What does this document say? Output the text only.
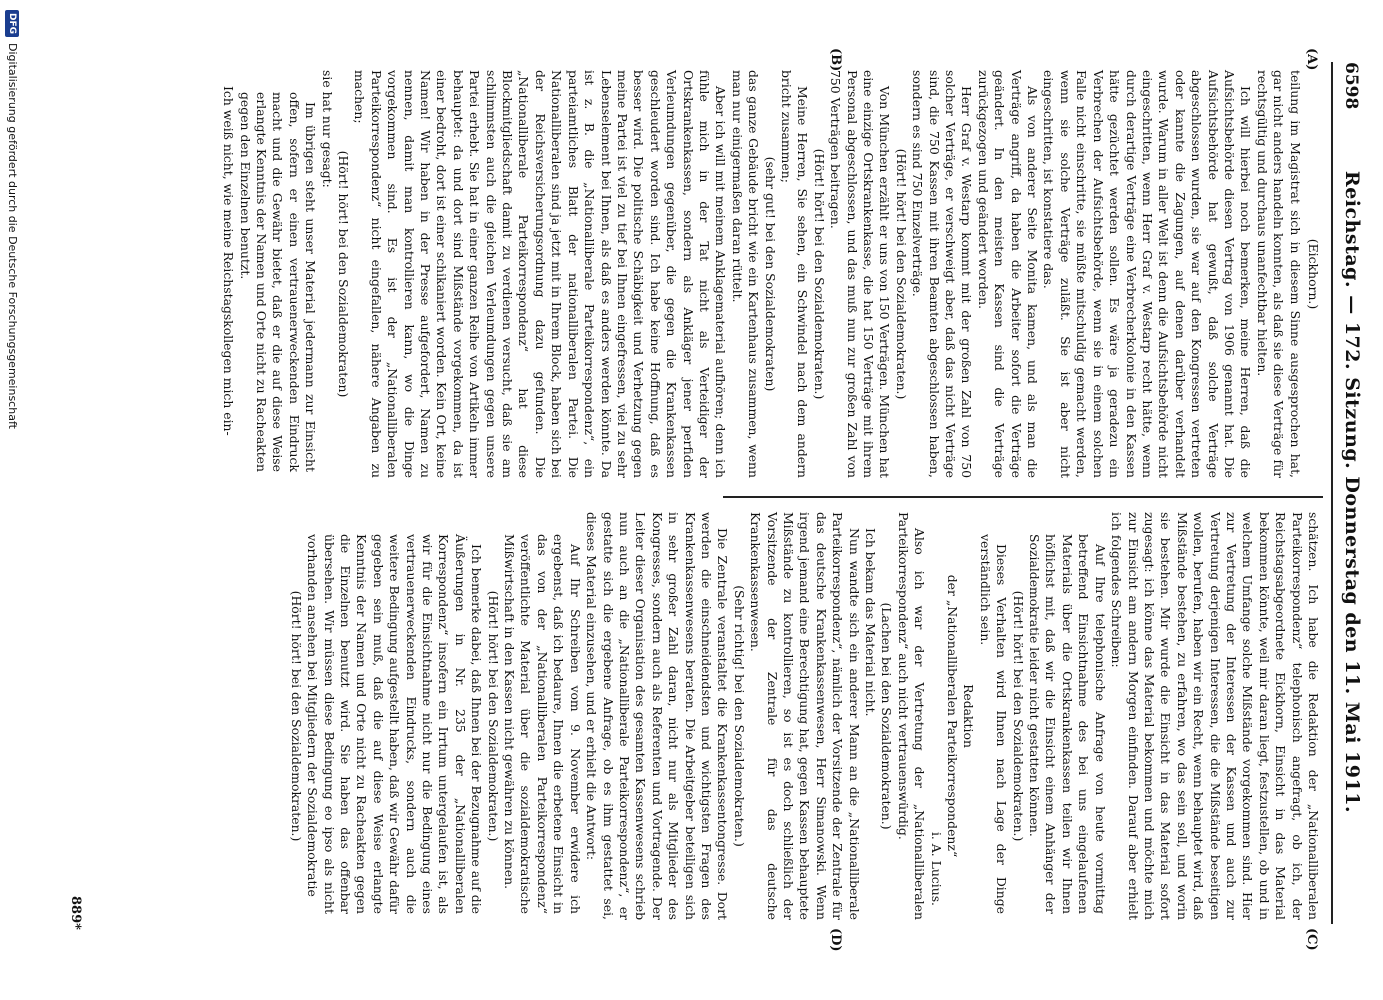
6598
Reichstag. — 172. Sitzung. Donnerstag den 11. Mai 1911.
(A)
(B)
(C)
(D)
(Eickhorn.)

teilung im Magistrat sich in diesem Sinne ausgesprochen hat, gar nicht anders handeln konnten, als daß sie diese Verträge für rechtsgültig und durchaus unanfechtbar hielten.

Ich will hierbei noch bemerken, meine Herren, daß die Aufsichtsbehörde diesen Vertrag von 1906 genannt hat. Die Aufsichtsbehörde hat gewußt, daß solche Verträge abgeschlossen wurden, sie war auf den Kongressen vertreten oder kannte die Zagungen, auf denen darüber verhandelt wurde. Warum in aller Welt ist denn die Aufsichtsbehörde nicht eingeschritten, wenn Herr Graf v. Westarp recht hätte, wenn durch derartige Verträge eine Verbrecherkolonie in den Kassen hätte gezüchtet werden sollen. Es wäre ja geradezu ein Verbrechen der Aufsichtsbehörde, wenn sie in einem solchen Falle nicht einschritte, sie müßte mitschuldig gemacht werden, wenn sie solche Verträge zuläßt. Sie ist aber nicht eingeschritten, ist konstatiere das.

Als von anderer Seite Monita kamen, und als man die Verträge angriff, da haben die Arbeiter sofort die Verträge geändert. In den meisten Kassen sind die Verträge zurückgezogen und geändert worden.

Herr Graf v. Westarp kommt mit der großen Zahl von 750 solcher Verträge, er verschweigt aber, daß das nicht Verträge sind, die 750 Kassen mit ihren Beamten abgeschlossen haben, sondern es sind 750 Einzelverträge.

(Hört! hört! bei den Sozialdemokraten.)

Von München erzählt er uns von 150 Verträgen. München hat eine einzige Ortskrankenkasse, die hat 150 Verträge mit ihrem Personal abgeschlossen, und das muß nun zur großen Zahl von 750 Verträgen beitragen.

(Hört! hört! bei den Sozialdemokraten.)

Meine Herren, Sie sehen, ein Schwindel nach dem andern bricht zusammen;

(sehr gut! bei den Sozialdemokraten)

das ganze Gebäude bricht wie ein Kartenhaus zusammen, wenn man nur einigermaßen daran rüttelt.

Aber ich will mit meinem Anklagematerial aufhören; denn ich fühle mich in der Tat nicht als Verteidiger der Ortskrankenkassen, sondern als Ankläger jener perfiden Verleumdungen gegenüber, die gegen die Krankenkassen geschleudert worden sind. Ich habe keine Hoffnung, daß es besser wird. Die politische Schäbigkeit und Verhetzung gegen meine Partei ist viel zu tief bei Ihnen eingefressen, viel zu sehr Lebenselement bei Ihnen, als daß es anders werden könnte. Da ist z. B. die „Nationalliberale Parteikorrespondenz“, ein parteiamtliches Blatt der nationalliberalen Partei. Die Nationalliberalen sind ja jetzt mit in Ihrem Block, haben sich bei der Reichsversicherungsordnung dazu gefunden. Die „Nationalliberale Parteikorrespondenz“ hat diese Blockmitgliedschaft damit zu verdienen versucht, daß sie am schlimmsten auch die gleichen Verleumdungen gegen unsere Partei erhebt. Sie hat in einer ganzen Reihe von Artikeln immer behauptet: da und dort sind Mißstände vorgekommen, da ist einer bedroht, dort ist einer schikaniert worden. Kein Ort, keine Namen! Wir haben in der Presse aufgefordert, Namen zu nennen, damit man kontrollieren kann, wo die Dinge vorgekommen sind. Es ist der „Nationalliberalen Parteikorrespondenz“ nicht eingefallen, nähere Angaben zu machen;

(Hört! hört! bei den Sozialdemokraten)

sie hat nur gesagt:

Im übrigen steht unser Material jedermann zur Einsicht offen, sofern er einen vertrauenerweckenden Eindruck macht und die Gewähr bietet, daß er die auf diese Weise erlangte Kenntnis der Namen und Orte nicht zu Racheakten gegen den Einzelnen benutzt.

Ich weiß nicht, wie meine Reichstagskollegen mich ein-

schätzen. Ich habe die Redaktion der „Nationalliberalen Parteikorrespondenz“ telephonisch angefragt, ob ich, der Reichstagsabgeordnete Eickhorn, Einsicht in das Material bekommen könnte, weil mir daran liegt, festzustellen, ob und in welchem Umfange solche Mißstände vorgekommen sind. Hier zur Vertretung der Interessen der Kassen und auch zur Vertretung derjenigen Interessen, die die Mißstände beseitigen wollen, berufen, haben wir ein Recht, wenn behauptet wird, daß Mißstände bestehen, zu erfahren, wo das sein soll, und worin sie bestehen. Mir wurde die Einsicht in das Material sofort zugesagt: ich könne das Material bekommen und möchte mich zur Einsicht am andern Morgen einfinden. Darauf aber erhielt ich folgendes Schreiben:

Auf Ihre telephonische Anfrage von heute vormittag betreffend Einsichtnahme des bei uns eingelaufenen Materials über die Ortskrankenkassen teilen wir Ihnen höflichst mit, daß wir die Einsicht einem Anhänger der Sozialdemokratie leider nicht gestatten können.

(Hört! hört! bei den Sozialdemokraten.)

Dieses Verhalten wird Ihnen nach Lage der Dinge verständlich sein.

Redaktion

der „Nationalliberalen Parteikorrespondenz“

i. A. Lucius.

Also ich war der Vertretung der „Nationalliberalen Parteikorrespondenz“ auch nicht vertrauenswürdig.

(Lachen bei den Sozialdemokraten.)

Ich bekam das Material nicht.

Nun wandte sich ein anderer Mann an die „Nationalliberale Parteikorrespondenz“, nämlich der Vorsitzende der Zentrale für das deutsche Krankenkassenwesen, Herr Simanowski. Wenn irgend jemand eine Berechtigung hat, gegen Kassen behauptete Mißstände zu kontrollieren, so ist es doch schließlich der Vorsitzende der Zentrale für das deutsche Krankenkassenwesen.

(Sehr richtig! bei den Sozialdemokraten.)

Die Zentrale veranstaltet die Krankenkassentongresse. Dort werden die einschneidendsten und wichtigsten Fragen des Krankenkassenwesens beraten. Die Arbeitgeber beteiligen sich in sehr großer Zahl daran, nicht nur als Mitglieder des Kongresses, sondern auch als Referenten und Vortragende. Der Leiter dieser Organisation des gesamten Kassenwesens schrieb nun auch an die „Nationalliberale Parteikorrespondenz“, er gestatte sich die ergebene Anfrage, ob es ihm gestattet sei, dieses Material einzusehen, und er erhielt die Antwort:

Auf Ihr Schreiben vom 9. November erwidere ich ergebenst, daß ich bedaure, Ihnen die erbetene Einsicht in das von der „Nationalliberalen Parteikorrespondenz“ veröffentlichte Material über die sozialdemokratische Mißwirtschaft in den Kassen nicht gewähren zu können.

(Hört! hört! bei den Sozialdemokraten.)

Ich bemerke dabei, daß Ihnen bei der Bezugnahme auf die Äußerungen in Nr. 235 der „Nationalliberalen Korrespondenz“ insofern ein Irrtum untergelaufen ist, als wir für die Einsichtnahme nicht nur die Bedingung eines vertrauenerweckenden Eindrucks, sondern auch die weitere Bedingung aufgestellt haben, daß wir Gewähr dafür gegeben sein muß, daß die auf diese Weise erlangte Kenntnis der Namen und Orte nicht zu Racheakten gegen die Einzelnen benutzt wird. Sie haben das offenbar übersehen. Wir müssen diese Bedingung eo ipso als nicht vorhanden ansehen bei Mitgliedern der Sozialdemokratie

(Hört! hört! bei den Sozialdemokraten.)

889*
DFGDigitalisierung gefördert durch die Deutsche Forschungsgemeinschaft
